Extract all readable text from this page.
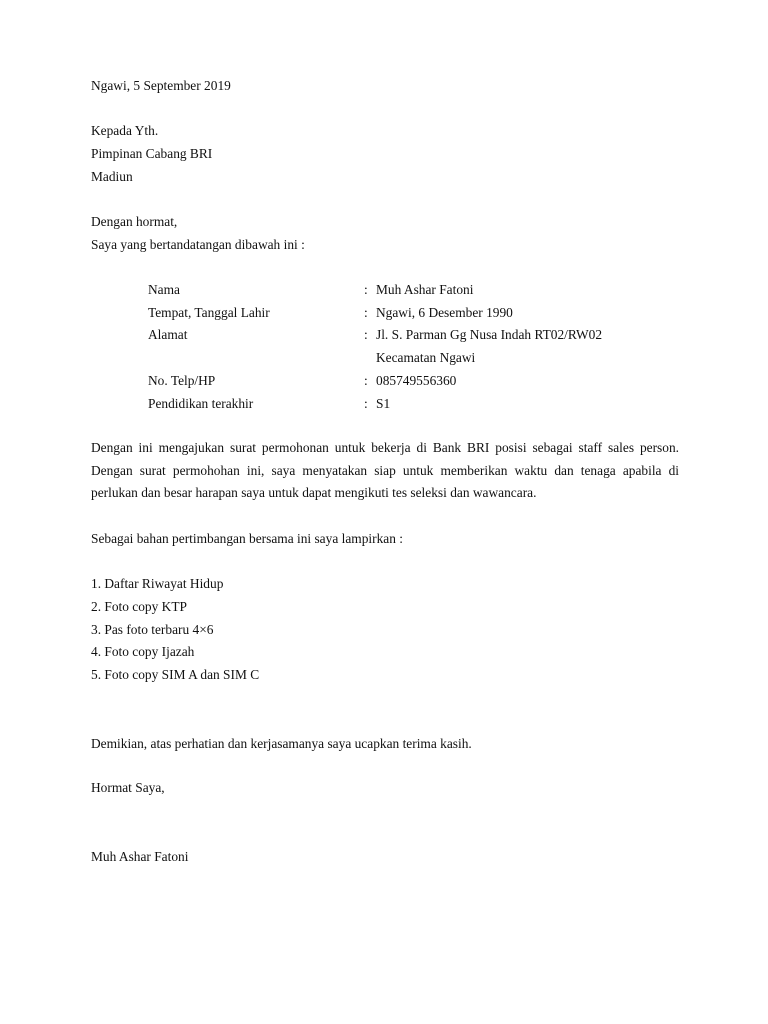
Ngawi, 5 September 2019
Kepada Yth.
Pimpinan Cabang BRI
Madiun
Dengan hormat,
Saya yang bertandatangan dibawah ini :
Nama	: Muh Ashar Fatoni
Tempat, Tanggal Lahir	: Ngawi, 6 Desember 1990
Alamat	: Jl. S. Parman Gg Nusa Indah RT02/RW02
Kecamatan Ngawi
No. Telp/HP	: 085749556360
Pendidikan terakhir	: S1
Dengan ini mengajukan surat permohonan untuk bekerja di Bank BRI posisi sebagai staff sales person. Dengan surat permohohan ini, saya menyatakan siap untuk memberikan waktu dan tenaga apabila di perlukan dan besar harapan saya untuk dapat mengikuti tes seleksi dan wawancara.
Sebagai bahan pertimbangan bersama ini saya lampirkan :
1. Daftar Riwayat Hidup
2. Foto copy KTP
3. Pas foto terbaru 4×6
4. Foto copy Ijazah
5. Foto copy SIM A dan SIM C
Demikian, atas perhatian dan kerjasamanya saya ucapkan terima kasih.
Hormat Saya,
Muh Ashar Fatoni
